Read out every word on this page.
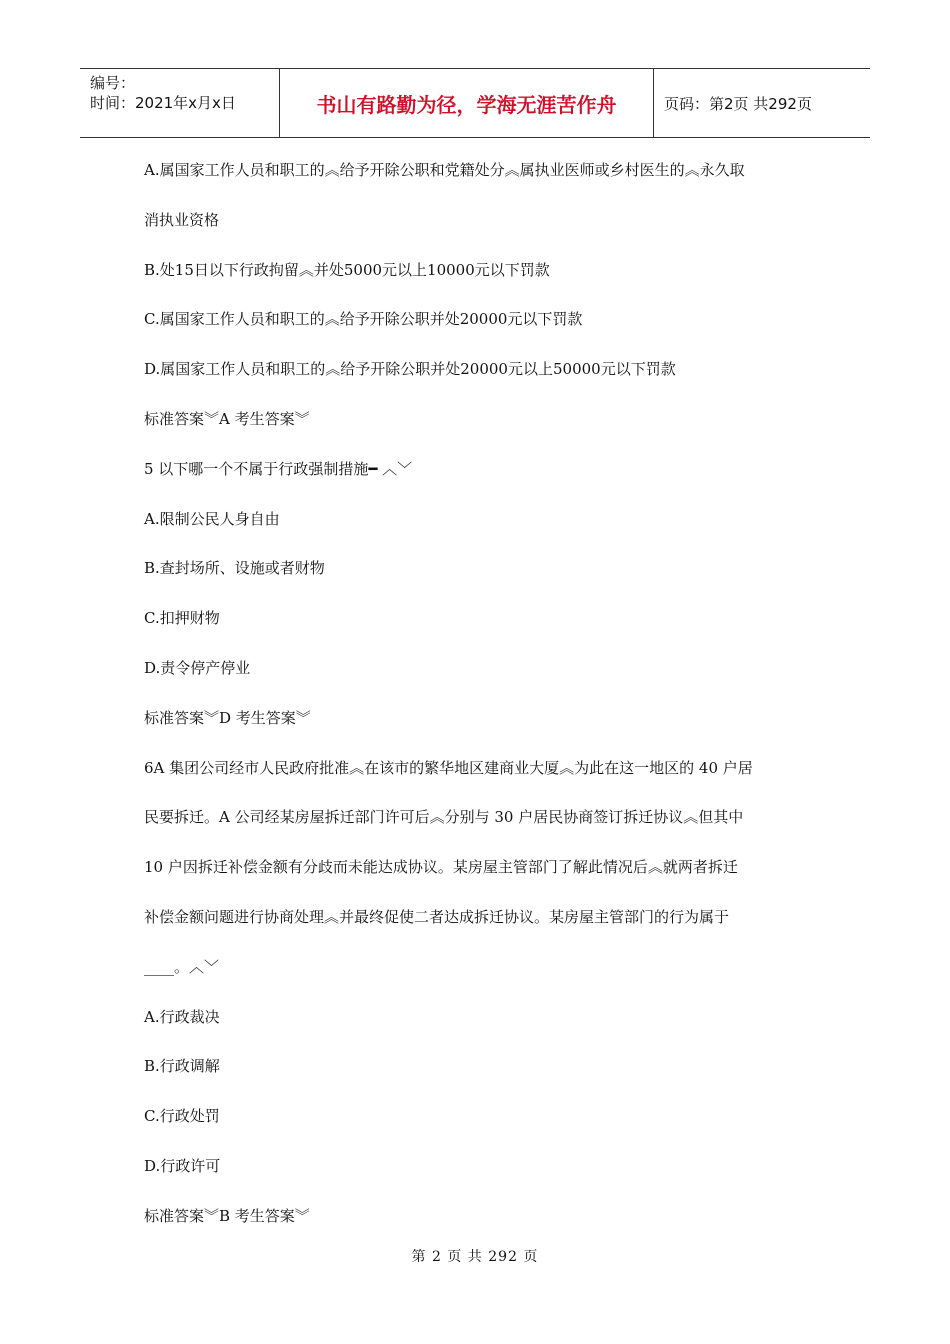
编号：
时间：2021年x月x日	书山有路勤为径，学海无涯苦作舟	页码：第2页 共292页
A.属国家工作人员和职工的︽给予开除公职和党籍处分︽属执业医师或乡村医生的︽永久取
消执业资格
B.处15日以下行政拘留︽并处5000元以上10000元以下罚款
C.属国家工作人员和职工的︽给予开除公职并处20000元以下罚款
D.属国家工作人员和职工的︽给予开除公职并处20000元以上50000元以下罚款
标准答案︾A 考生答案︾
5 以下哪一个不属于行政强制措施━ ︿﹀
A.限制公民人身自由
B.查封场所、设施或者财物
C.扣押财物
D.责令停产停业
标准答案︾D 考生答案︾
6A 集团公司经市人民政府批准︽在该市的繁华地区建商业大厦︽为此在这一地区的 40 户居
民要拆迁。A 公司经某房屋拆迁部门许可后︽分别与 30 户居民协商签订拆迁协议︽但其中
10 户因拆迁补偿金额有分歧而未能达成协议。某房屋主管部门了解此情况后︽就两者拆迁
补偿金额问题进行协商处理︽并最终促使二者达成拆迁协议。某房屋主管部门的行为属于
____。︿﹀
A.行政裁决
B.行政调解
C.行政处罚
D.行政许可
标准答案︾B 考生答案︾
第 2 页 共 292 页
